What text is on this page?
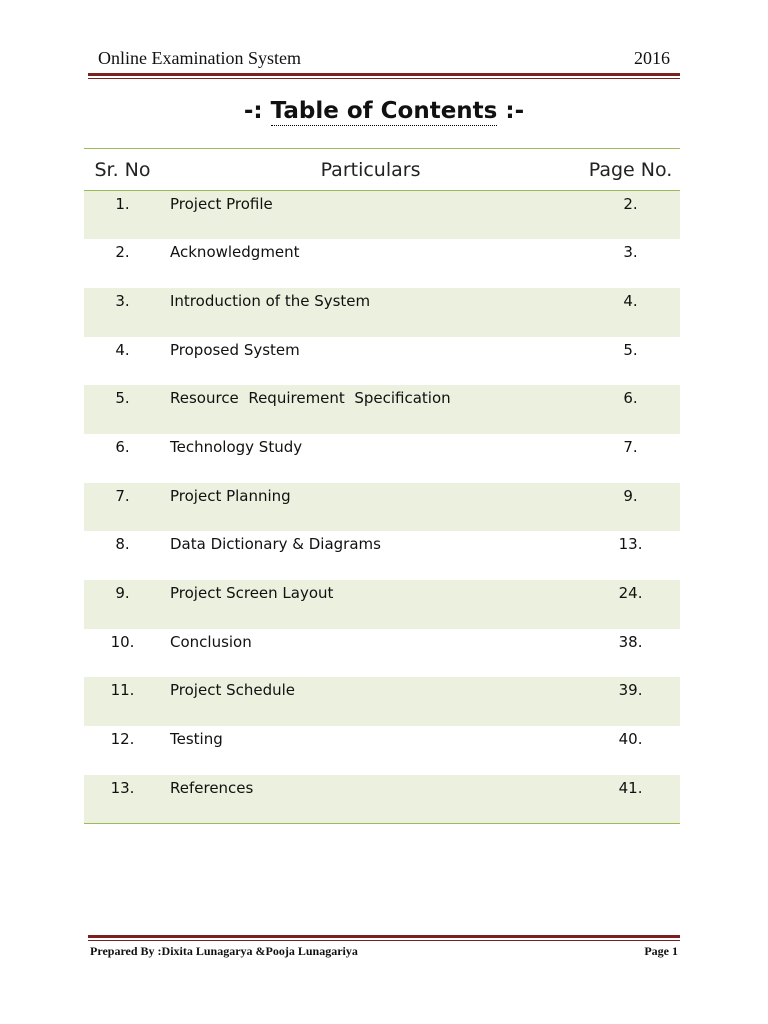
Online Examination System	2016
-: Table of Contents :-
Sr. No	Particulars	Page No.
1.	Project Profile	2.
2.	Acknowledgment	3.
3.	Introduction of the System	4.
4.	Proposed System	5.
5.	Resource  Requirement  Specification	6.
6.	Technology Study	7.
7.	Project Planning	9.
8.	Data Dictionary & Diagrams	13.
9.	Project Screen Layout	24.
10.	Conclusion	38.
11.	Project Schedule	39.
12.	Testing	40.
13.	References	41.
Prepared By :Dixita Lunagarya &Pooja Lunagariya	Page 1
